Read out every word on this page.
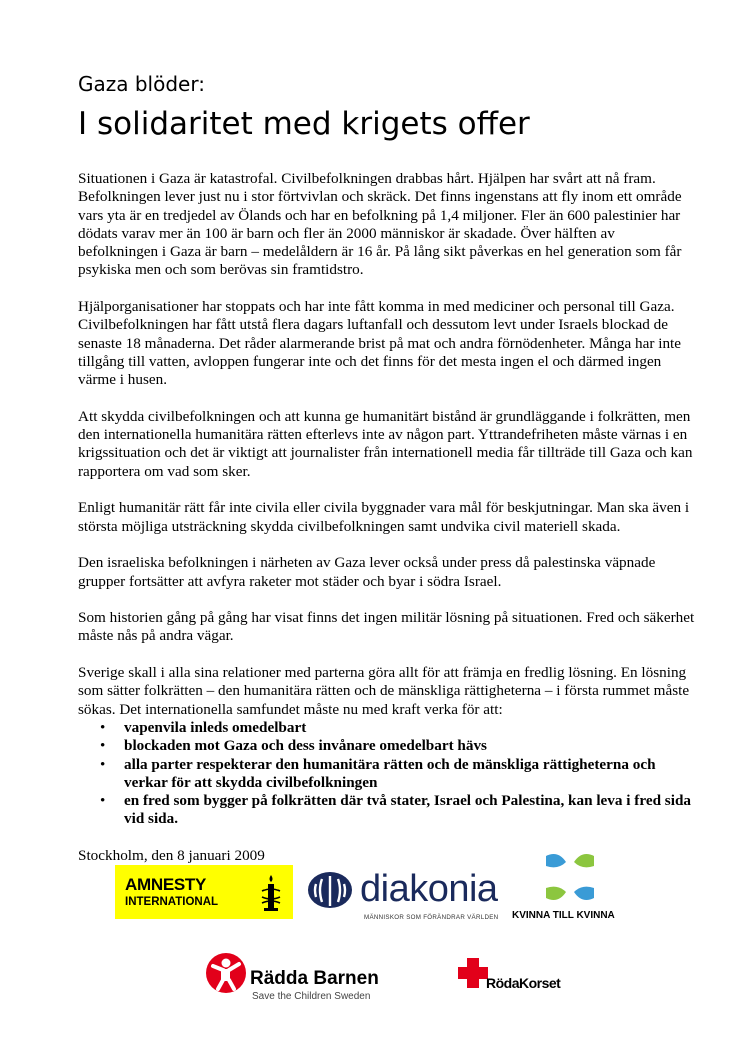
Gaza blöder:
I solidaritet med krigets offer

Situationen i Gaza är katastrofal. Civilbefolkningen drabbas hårt. Hjälpen har svårt att nå fram. Befolkningen lever just nu i stor förtvivlan och skräck. Det finns ingenstans att fly inom ett område vars yta är en tredjedel av Ölands och har en befolkning på 1,4 miljoner. Fler än 600 palestinier har dödats varav mer än 100 är barn och fler än 2000 människor är skadade. Över hälften av befolkningen i Gaza är barn – medelåldern är 16 år. På lång sikt påverkas en hel generation som får psykiska men och som berövas sin framtidstro.

Hjälporganisationer har stoppats och har inte fått komma in med mediciner och personal till Gaza. Civilbefolkningen har fått utstå flera dagars luftanfall och dessutom levt under Israels blockad de senaste 18 månaderna. Det råder alarmerande brist på mat och andra förnödenheter. Många har inte tillgång till vatten, avloppen fungerar inte och det finns för det mesta ingen el och därmed ingen värme i husen.

Att skydda civilbefolkningen och att kunna ge humanitärt bistånd är grundläggande i folkrätten, men den internationella humanitära rätten efterlevs inte av någon part. Yttrandefriheten måste värnas i en krigssituation och det är viktigt att journalister från internationell media får tillträde till Gaza och kan rapportera om vad som sker.

Enligt humanitär rätt får inte civila eller civila byggnader vara mål för beskjutningar. Man ska även i största möjliga utsträckning skydda civilbefolkningen samt undvika civil materiell skada.

Den israeliska befolkningen i närheten av Gaza lever också under press då palestinska väpnade grupper fortsätter att avfyra raketer mot städer och byar i södra Israel.

Som historien gång på gång har visat finns det ingen militär lösning på situationen. Fred och säkerhet måste nås på andra vägar.

Sverige skall i alla sina relationer med parterna göra allt för att främja en fredlig lösning. En lösning som sätter folkrätten – den humanitära rätten och de mänskliga rättigheterna – i första rummet måste sökas. Det internationella samfundet måste nu med kraft verka för att:

• vapenvila inleds omedelbart
• blockaden mot Gaza och dess invånare omedelbart hävs
• alla parter respekterar den humanitära rätten och de mänskliga rättigheterna och verkar för att skydda civilbefolkningen
• en fred som bygger på folkrätten där två stater, Israel och Palestina, kan leva i fred sida vid sida.

Stockholm, den 8 januari 2009

AMNESTY
INTERNATIONAL	diakonia
MÄNNISKOR SOM FÖRÄNDRAR VÄRLDEN KVINNA TILL KVINNA
Rädda Barnen
Save the Children Sweden
RödaKorset
